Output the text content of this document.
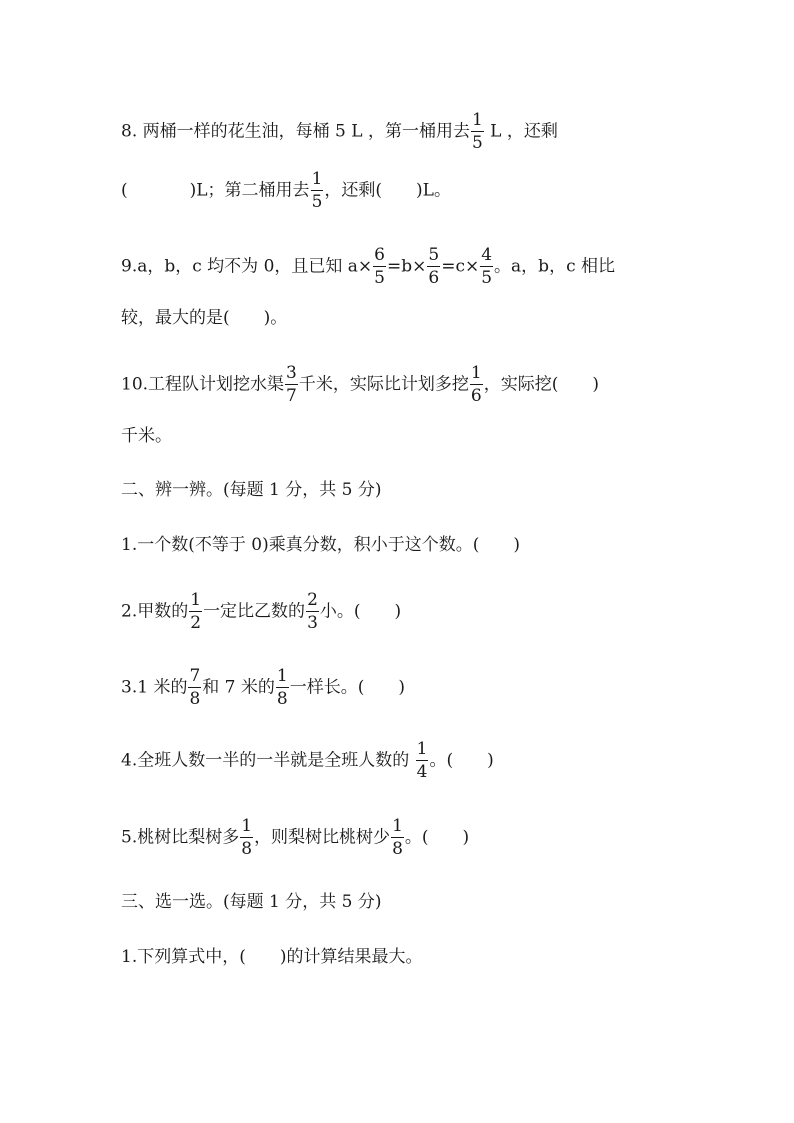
8. 两桶一样的花生油，每桶 5 L ，第一桶用去 $\frac{1}{5}$ L ，还剩
(	)L；第二桶用去 $\frac{1}{5}$ ，还剩( )L。
9.a，b，c 均不为 0，且已知 $a\times \frac{6}{5} =b\times \frac{5}{6} =c\times \frac{4}{5}$ 。a，b，c 相比
较，最大的是(　　)。
10.工程队计划挖水渠 $\frac{3}{7}$ 千米，实际比计划多挖 $\frac{1}{6}$ ，实际挖(　　)
千米。
二、辨一辨。(每题 1 分，共 5 分)
1.一个数(不等于 0)乘真分数，积小于这个数。(　　)
2.甲数的 $\frac{1}{2}$ 一定比乙数的 $\frac{2}{3}$ 小。(　　)
3.1 米的 $\frac{7}{8}$ 和 7 米的 $\frac{1}{8}$ 一样长。(　　)
4.全班人数一半的一半就是全班人数的 $\frac{1}{4}$ 。(　　)
5.桃树比梨树多 $\frac{1}{8}$ ，则梨树比桃树少 $\frac{1}{8}$ 。(　　)
三、选一选。(每题 1 分，共 5 分)
1.下列算式中，(　　)的计算结果最大。
